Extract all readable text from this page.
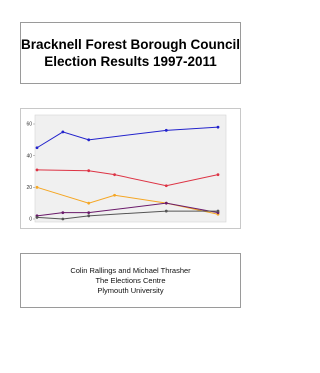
Bracknell Forest Borough Council
Election Results 1997-2011
0
20
40
60
Colin Rallings and Michael Thrasher
The Elections Centre
Plymouth University
